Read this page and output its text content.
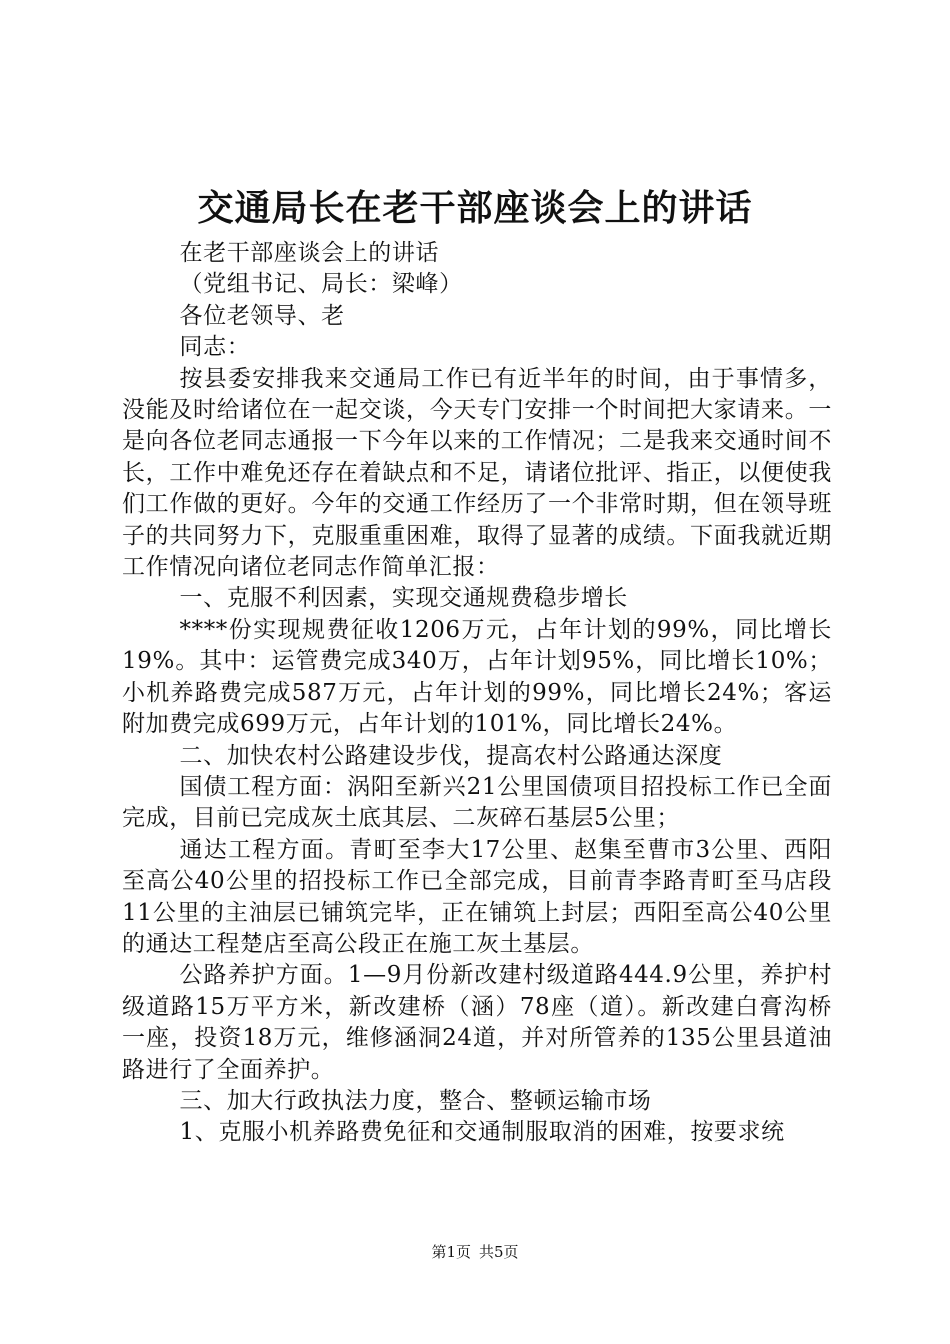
交通局长在老干部座谈会上的讲话

在老干部座谈会上的讲话

（党组书记、局长：梁峰）

各位老领导、老

同志：

按县委安排我来交通局工作已有近半年的时间，由于事情多，没能及时给诸位在一起交谈，今天专门安排一个时间把大家请来。一是向各位老同志通报一下今年以来的工作情况；二是我来交通时间不长，工作中难免还存在着缺点和不足，请诸位批评、指正，以便使我们工作做的更好。今年的交通工作经历了一个非常时期，但在领导班子的共同努力下，克服重重困难，取得了显著的成绩。下面我就近期工作情况向诸位老同志作简单汇报：

一、克服不利因素，实现交通规费稳步增长

****份实现规费征收1206万元，占年计划的99%，同比增长19%。其中：运管费完成340万，占年计划95%，同比增长10%；小机养路费完成587万元，占年计划的99%，同比增长24%；客运附加费完成699万元，占年计划的101%，同比增长24%。

二、加快农村公路建设步伐，提高农村公路通达深度

国债工程方面：涡阳至新兴21公里国债项目招投标工作已全面完成，目前已完成灰土底其层、二灰碎石基层5公里；

通达工程方面。青町至李大17公里、赵集至曹市3公里、西阳至高公40公里的招投标工作已全部完成，目前青李路青町至马店段11公里的主油层已铺筑完毕，正在铺筑上封层；西阳至高公40公里的通达工程楚店至高公段正在施工灰土基层。

公路养护方面。1—9月份新改建村级道路444.9公里，养护村级道路15万平方米，新改建桥（涵）78座（道）。新改建白膏沟桥一座，投资18万元，维修涵洞24道，并对所管养的135公里县道油路进行了全面养护。

三、加大行政执法力度，整合、整顿运输市场

1、克服小机养路费免征和交通制服取消的困难，按要求统

第1页 共5页
